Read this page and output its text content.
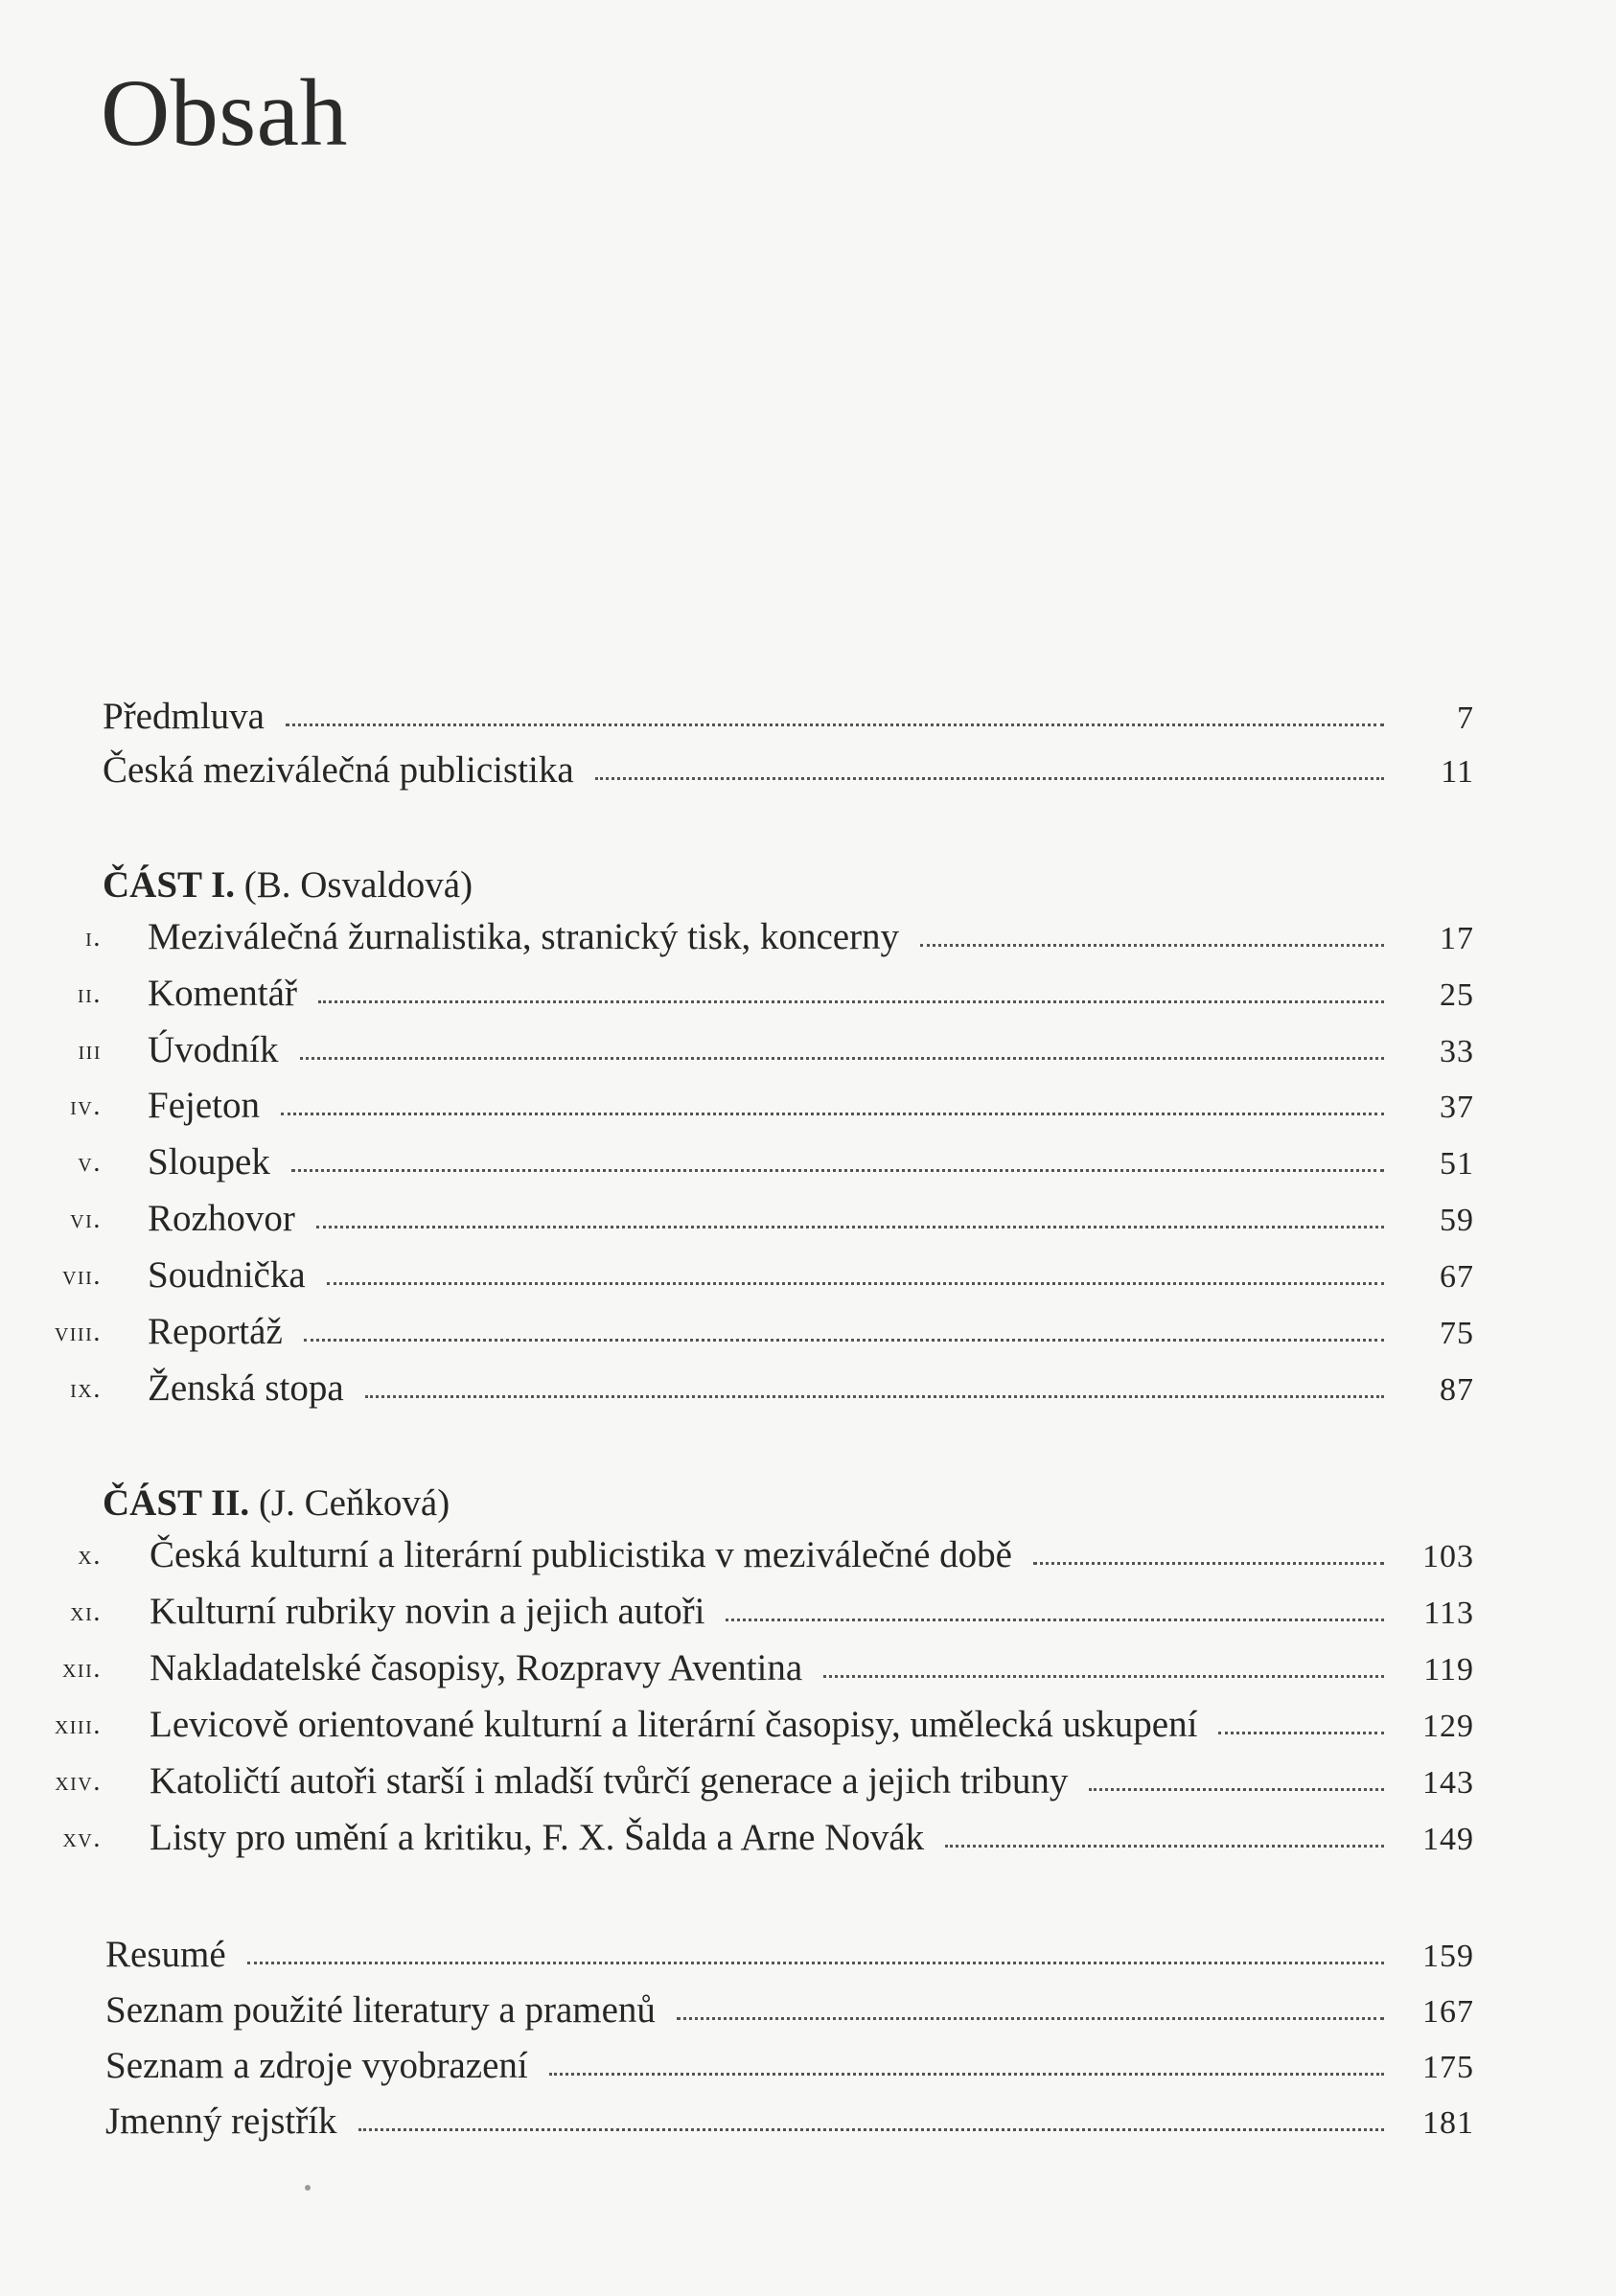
Obsah
Předmluva	7
Česká meziválečná publicistika	11
ČÁST I. (B. Osvaldová)
i. Meziválečná žurnalistika, stranický tisk, koncerny	17
ii. Komentář	25
iii Úvodník	33
iv. Fejeton	37
v. Sloupek	51
vi. Rozhovor	59
vii. Soudnička	67
viii. Reportáž	75
ix. Ženská stopa	87
ČÁST II. (J. Ceňková)
x. Česká kulturní a literární publicistika v meziválečné době	103
xi. Kulturní rubriky novin a jejich autoři	113
xii. Nakladatelské časopisy, Rozpravy Aventina	119
xiii. Levicově orientované kulturní a literární časopisy, umělecká uskupení	129
xiv. Katoličtí autoři starší i mladší tvůrčí generace a jejich tribuny	143
xv. Listy pro umění a kritiku, F. X. Šalda a Arne Novák	149
Resumé	159
Seznam použité literatury a pramenů	167
Seznam a zdroje vyobrazení	175
Jmenný rejstřík	181
